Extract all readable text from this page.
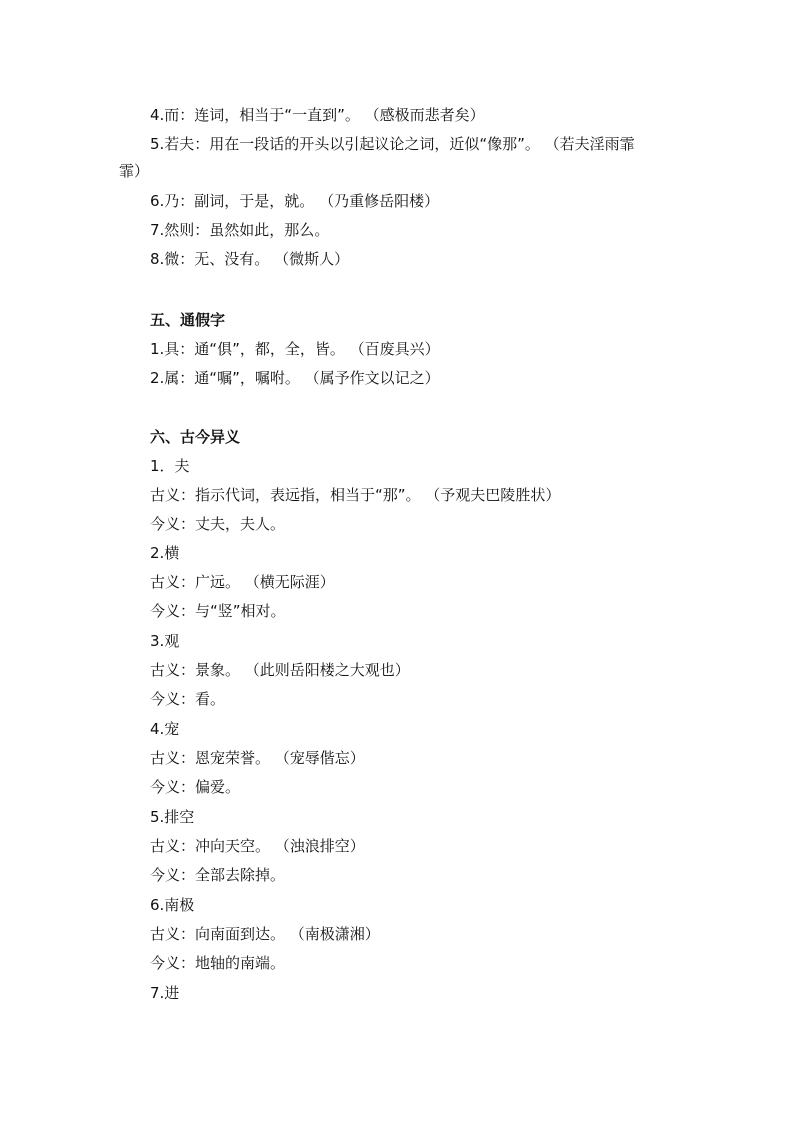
4.而：连词，相当于“一直到”。 （感极而悲者矣）
5.若夫：用在一段话的开头以引起议论之词，近似“像那”。 （若夫淫雨霏
霏）
6.乃：副词，于是，就。 （乃重修岳阳楼）
7.然则：虽然如此，那么。
8.微：无、没有。 （微斯人）
五、通假字
1.具：通“俱”，都，全，皆。 （百废具兴）
2.属：通“嘱”，嘱咐。 （属予作文以记之）
六、古今异义
1．夫
古义：指示代词，表远指，相当于“那”。 （予观夫巴陵胜状）
今义：丈夫，夫人。
2.横
古义：广远。 （横无际涯）
今义：与“竖”相对。
3.观
古义：景象。 （此则岳阳楼之大观也）
今义：看。
4.宠
古义：恩宠荣誉。 （宠辱偕忘）
今义：偏爱。
5.排空
古义：冲向天空。 （浊浪排空）
今义：全部去除掉。
6.南极
古义：向南面到达。 （南极潇湘）
今义：地轴的南端。
7.进
